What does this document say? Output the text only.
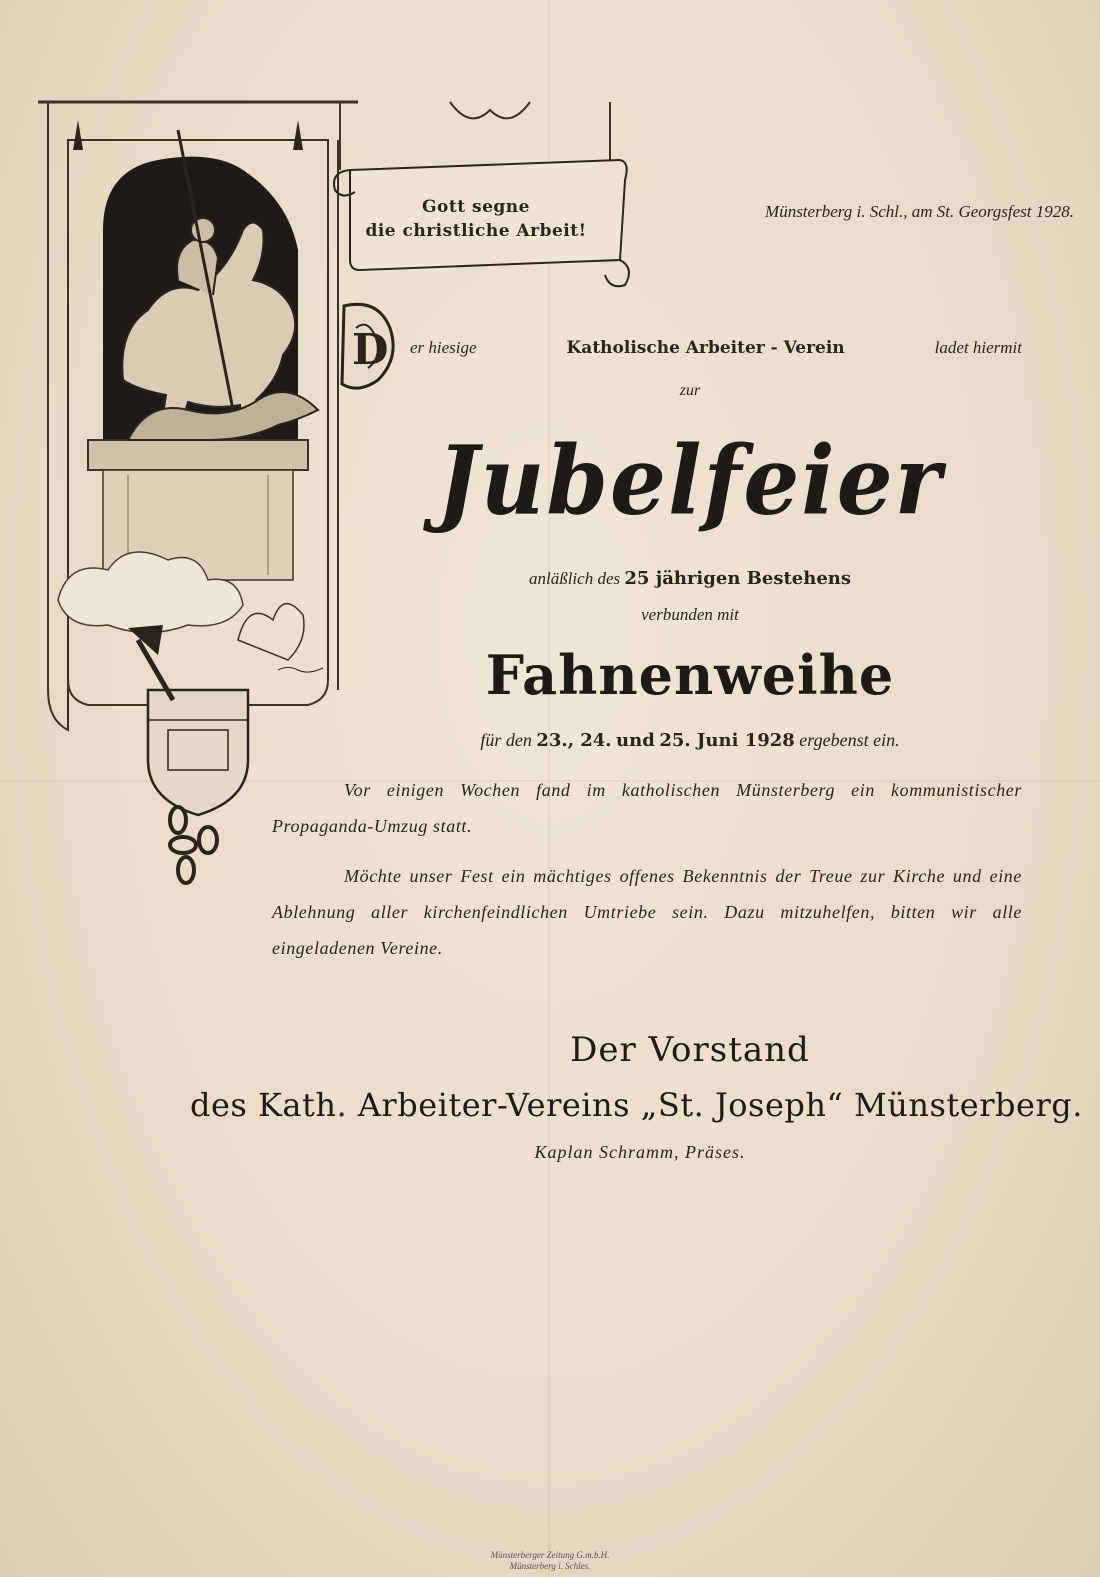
Gott segne
die christliche Arbeit!
Münsterberg i. Schl., am St. Georgsfest 1928.
D er hiesige	Katholische Arbeiter - Verein	ladet hiermit
zur
Jubelfeier
anläßlich des 25 jährigen Bestehens
verbunden mit
Fahnenweihe
für den 23., 24. und 25. Juni 1928 ergebenst ein.
Vor einigen Wochen fand im katholischen Münsterberg ein kommunistischer Propaganda-Umzug statt.
Möchte unser Fest ein mächtiges offenes Bekenntnis der Treue zur Kirche und eine Ablehnung aller kirchenfeindlichen Umtriebe sein. Dazu mitzuhelfen, bitten wir alle eingeladenen Vereine.
Der Vorstand
des Kath. Arbeiter-Vereins „St. Joseph“ Münsterberg.
Kaplan Schramm, Präses.
Münsterberger Zeitung G.m.b.H.
Münsterberg i. Schles.
